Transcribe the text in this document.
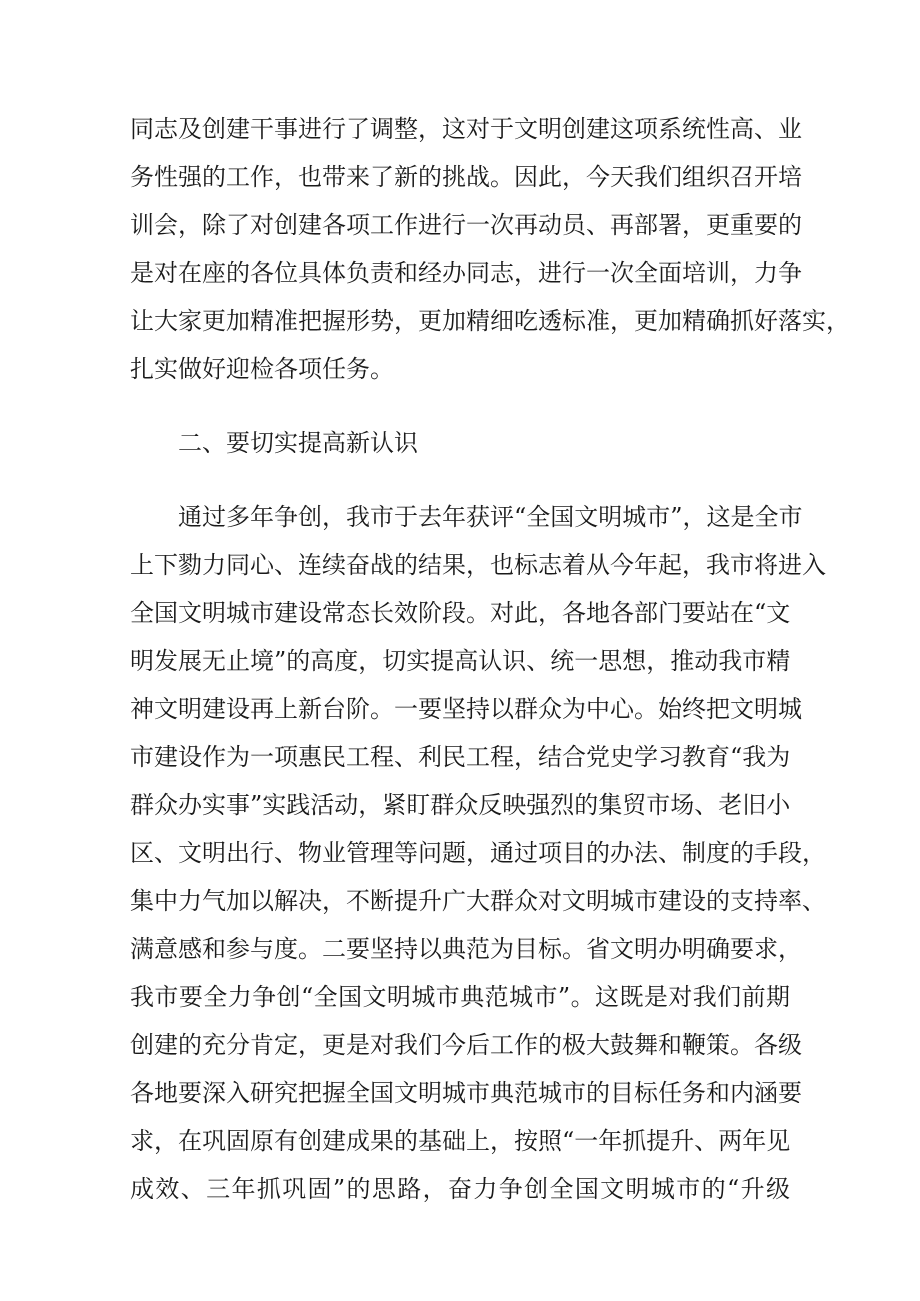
同志及创建干事进行了调整，这对于文明创建这项系统性高、业
务性强的工作，也带来了新的挑战。因此，今天我们组织召开培
训会，除了对创建各项工作进行一次再动员、再部署，更重要的
是对在座的各位具体负责和经办同志，进行一次全面培训，力争
让大家更加精准把握形势，更加精细吃透标准，更加精确抓好落实，
扎实做好迎检各项任务。
二、要切实提高新认识
通过多年争创，我市于去年获评“全国文明城市”，这是全市
上下勠力同心、连续奋战的结果，也标志着从今年起，我市将进入
全国文明城市建设常态长效阶段。对此，各地各部门要站在“文
明发展无止境”的高度，切实提高认识、统一思想，推动我市精
神文明建设再上新台阶。一要坚持以群众为中心。始终把文明城
市建设作为一项惠民工程、利民工程，结合党史学习教育“我为
群众办实事”实践活动，紧盯群众反映强烈的集贸市场、老旧小
区、文明出行、物业管理等问题，通过项目的办法、制度的手段，
集中力气加以解决，不断提升广大群众对文明城市建设的支持率、
满意感和参与度。二要坚持以典范为目标。省文明办明确要求，
我市要全力争创“全国文明城市典范城市”。这既是对我们前期
创建的充分肯定，更是对我们今后工作的极大鼓舞和鞭策。各级
各地要深入研究把握全国文明城市典范城市的目标任务和内涵要
求，在巩固原有创建成果的基础上，按照“一年抓提升、两年见
成效、三年抓巩固”的思路，奋力争创全国文明城市的“升级
